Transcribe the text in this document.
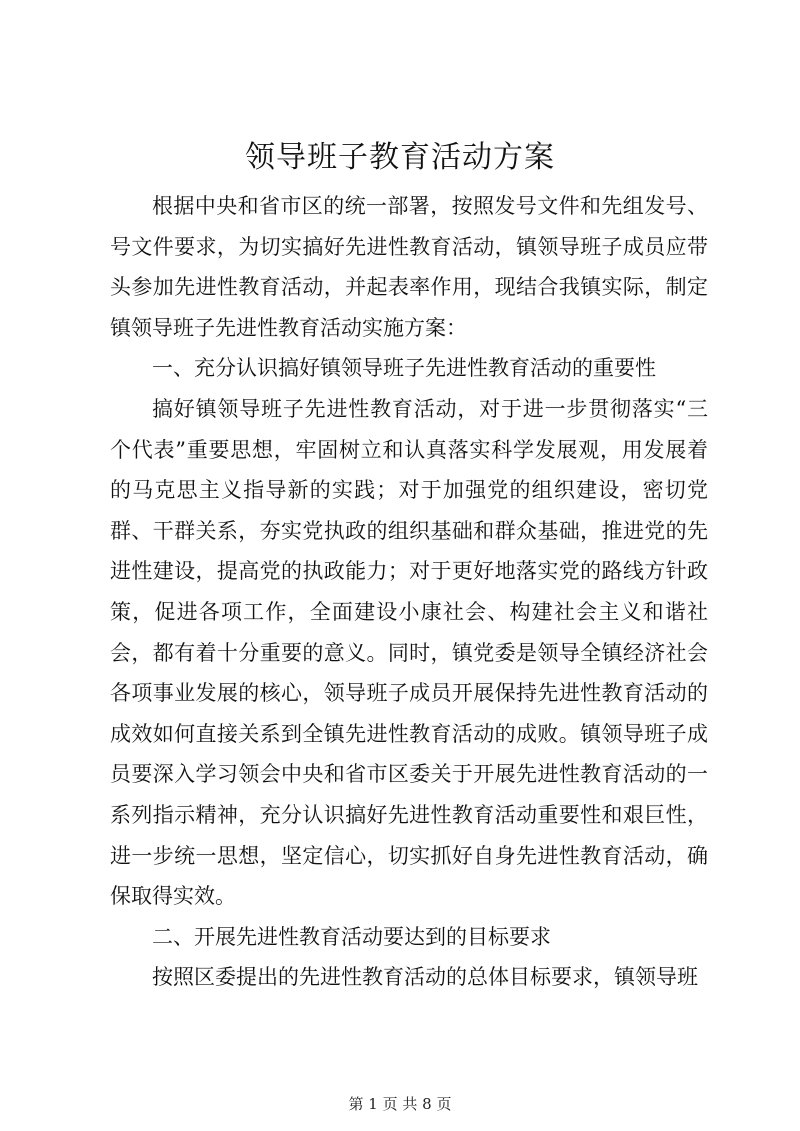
领导班子教育活动方案

根据中央和省市区的统一部署，按照发号文件和先组发号、号文件要求，为切实搞好先进性教育活动，镇领导班子成员应带头参加先进性教育活动，并起表率作用，现结合我镇实际，制定镇领导班子先进性教育活动实施方案：

一、充分认识搞好镇领导班子先进性教育活动的重要性

搞好镇领导班子先进性教育活动，对于进一步贯彻落实“三个代表”重要思想，牢固树立和认真落实科学发展观，用发展着的马克思主义指导新的实践；对于加强党的组织建设，密切党群、干群关系，夯实党执政的组织基础和群众基础，推进党的先进性建设，提高党的执政能力；对于更好地落实党的路线方针政策，促进各项工作，全面建设小康社会、构建社会主义和谐社会，都有着十分重要的意义。同时，镇党委是领导全镇经济社会各项事业发展的核心，领导班子成员开展保持先进性教育活动的成效如何直接关系到全镇先进性教育活动的成败。镇领导班子成员要深入学习领会中央和省市区委关于开展先进性教育活动的一系列指示精神，充分认识搞好先进性教育活动重要性和艰巨性，进一步统一思想，坚定信心，切实抓好自身先进性教育活动，确保取得实效。

二、开展先进性教育活动要达到的目标要求

按照区委提出的先进性教育活动的总体目标要求，镇领导班

第 1 页 共 8 页
